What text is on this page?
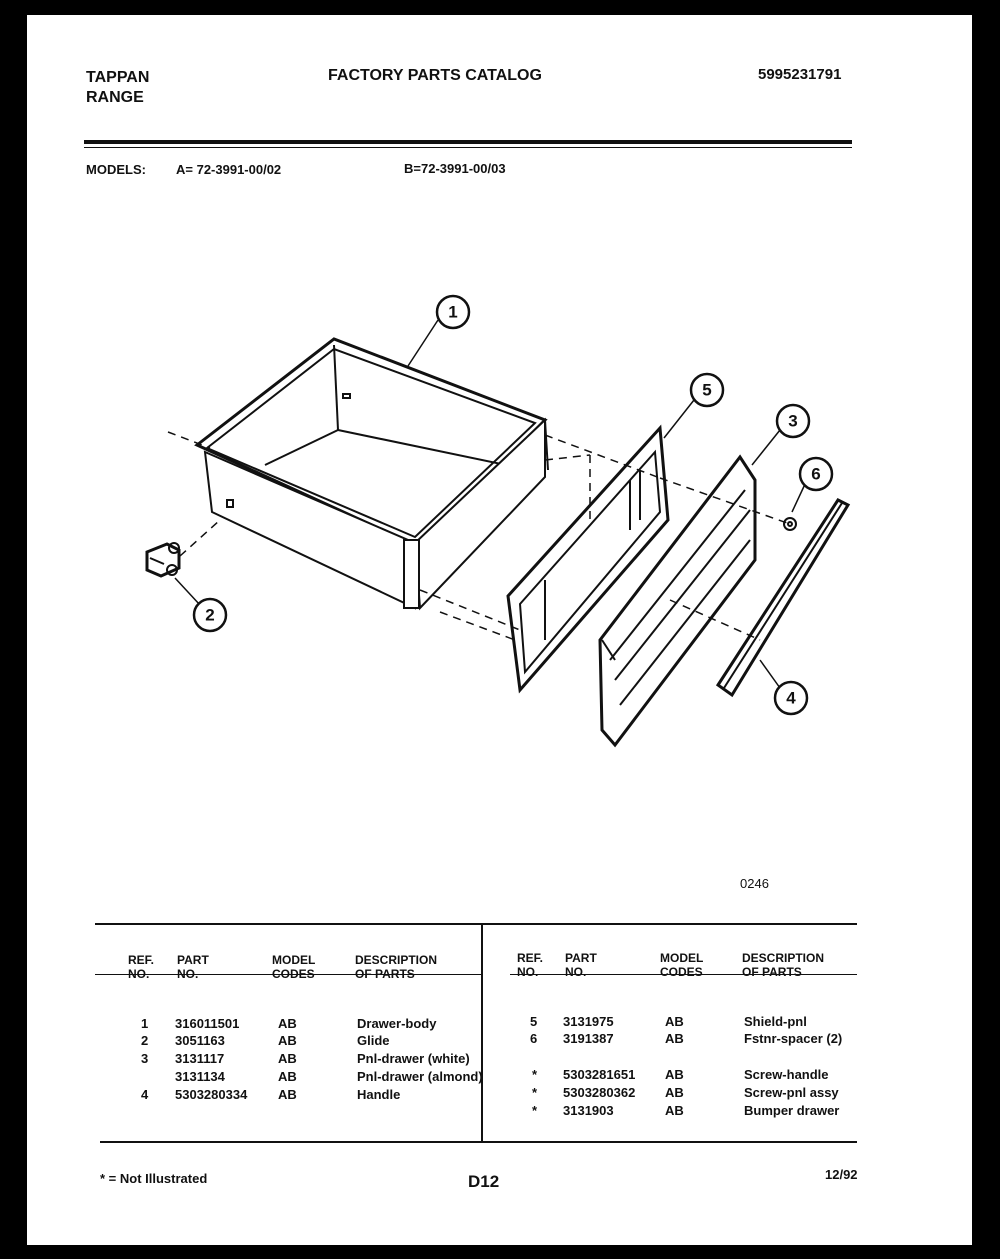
TAPPAN
RANGE
FACTORY PARTS CATALOG	5995231791
MODELS: A= 72-3991-00/02	B=72-3991-00/03
1
2
3
4
5
6
0246
REF.
NO.
PART
NO.
MODEL
CODES
DESCRIPTION
OF PARTS
REF.
NO.
PART
NO.
MODEL
CODES
DESCRIPTION
OF PARTS
1 316011501	AB	Drawer-body
2 3051163	AB	Glide
3 3131117	AB	Pnl-drawer (white)
3131134	AB	Pnl-drawer (almond)
4 5303280334 AB	Handle
5 3131975	AB	Shield-pnl
6 3191387	AB	Fstnr-spacer (2)
* 5303281651 AB	Screw-handle
* 5303280362 AB	Screw-pnl assy
* 3131903	AB	Bumper drawer
* = Not Illustrated	D12	12/92
